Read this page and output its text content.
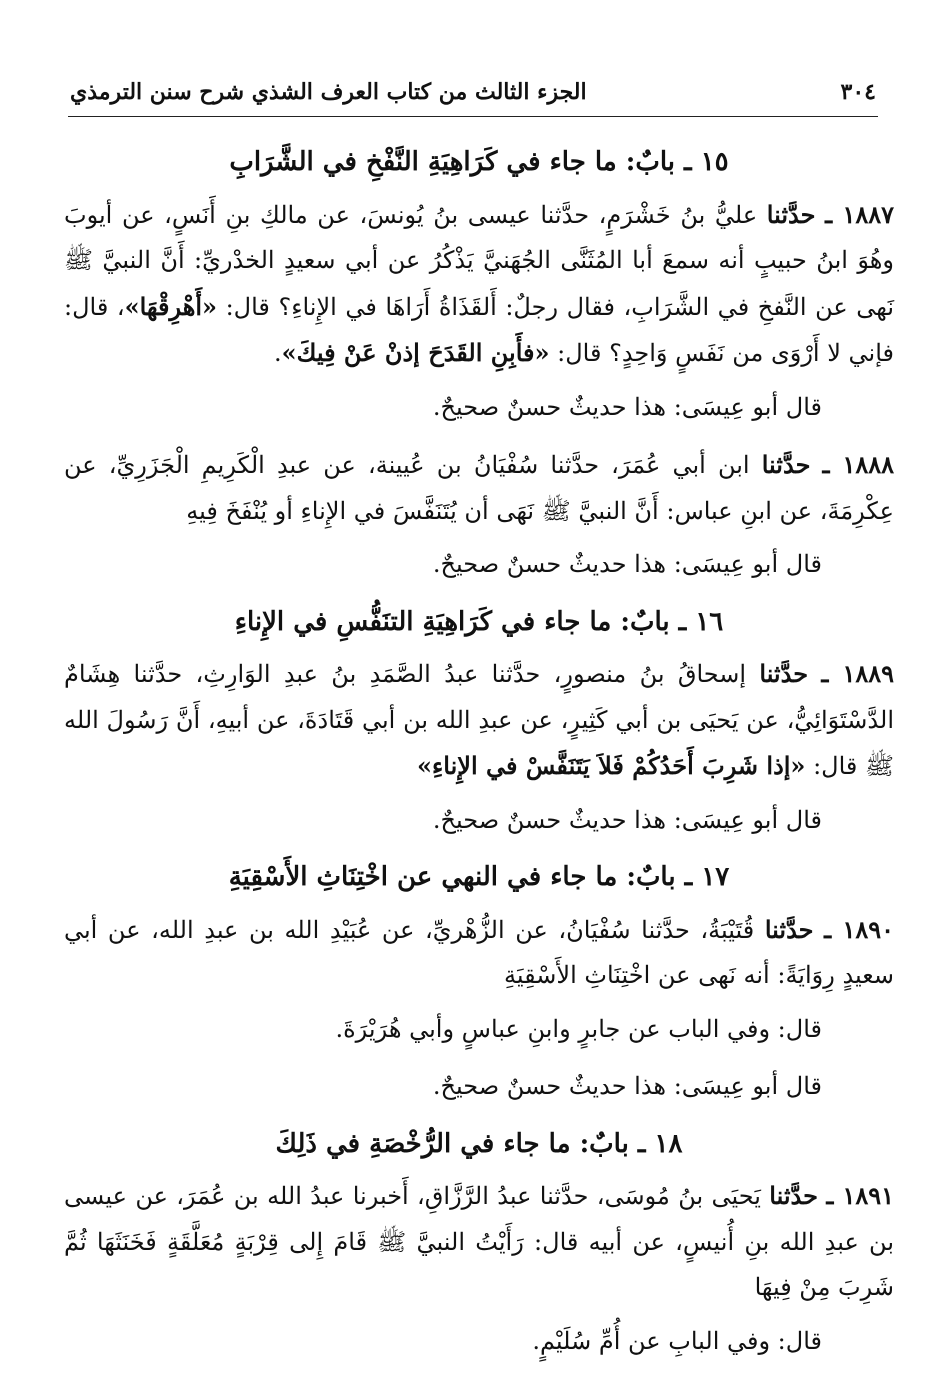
٣٠٤
الجزء الثالث من كتاب العرف الشذي شرح سنن الترمذي

١٥ ـ بابٌ: ما جاء في كَرَاهِيَةِ النَّفْخِ في الشَّرَابِ

١٨٨٧ ـ حدَّثنا عليُّ بنُ خَشْرَمٍ، حدَّثنا عيسى بنُ يُونسَ، عن مالكِ بنِ أَنَسٍ، عن أيوبَ وهُوَ ابنُ حبيبٍ أنه سمعَ أبا المُثَنَّى الجُهَنيَّ يَذْكُرُ عن أبي سعيدٍ الخدْريِّ: أَنَّ النبيَّ ﷺ نَهى عن النَّفخِ في الشَّرَابِ، فقال رجلٌ: أَلقَذَاةُ أَرَاهَا في الإِناءِ؟ قال: «أَهْرِقْهَا»، قال: فإني لا أَرْوَى من نَفَسٍ وَاحِدٍ؟ قال: «فأَبِنِ القَدَحَ إذنْ عَنْ فِيكَ».

قال أبو عِيسَى: هذا حديثٌ حسنٌ صحيحٌ.

١٨٨٨ ـ حدَّثنا ابن أبي عُمَرَ، حدَّثنا سُفْيَانُ بن عُيينة، عن عبدِ الْكَرِيمِ الْجَزَرِيِّ، عن عِكْرِمَةَ، عن ابنِ عباس: أَنَّ النبيَّ ﷺ نَهَى أن يُتَنَفَّسَ في الإِناءِ أو يُنْفَخَ فِيهِ

قال أبو عِيسَى: هذا حديثٌ حسنٌ صحيحٌ.

١٦ ـ بابٌ: ما جاء في كَرَاهِيَةِ التنَفُّسِ في الإِناءِ

١٨٨٩ ـ حدَّثنا إسحاقُ بنُ منصورٍ، حدَّثنا عبدُ الصَّمَدِ بنُ عبدِ الوَارِثِ، حدَّثنا هِشَامٌ الدَّسْتَوَائِيُّ، عن يَحيَى بن أبي كَثِيرٍ، عن عبدِ الله بن أبي قَتَادَةَ، عن أبيهِ، أَنَّ رَسُولَ الله ﷺ قال: «إذا شَرِبَ أَحَدُكُمْ فَلاَ يَتَنَفَّسْ في الإِناءِ»

قال أبو عِيسَى: هذا حديثٌ حسنٌ صحيحٌ.

١٧ ـ بابٌ: ما جاء في النهي عن اخْتِنَاثِ الأَسْقِيَةِ

١٨٩٠ ـ حدَّثنا قُتَيْبَةُ، حدَّثنا سُفْيَانُ، عن الزُّهْريِّ، عن عُبَيْدِ الله بن عبدِ الله، عن أبي سعيدٍ رِوَايَةً: أنه نَهى عن اخْتِنَاثِ الأَسْقِيَةِ

قال: وفي الباب عن جابرٍ وابنِ عباسٍ وأبي هُرَيْرَةَ.

قال أبو عِيسَى: هذا حديثٌ حسنٌ صحيحٌ.

١٨ ـ بابٌ: ما جاء في الرُّخْصَةِ في ذَلِكَ

١٨٩١ ـ حدَّثنا يَحيَى بنُ مُوسَى، حدَّثنا عبدُ الرَّزَّاقِ، أَخبرنا عبدُ الله بن عُمَرَ، عن عيسى بن عبدِ الله بنِ أُنيسٍ، عن أبيه قال: رَأَيْتُ النبيَّ ﷺ قَامَ إِلى قِرْبَةٍ مُعَلَّقَةٍ فَخَنَثَهَا ثُمَّ شَرِبَ مِنْ فِيهَا

قال: وفي البابِ عن أُمِّ سُلَيْمٍ.
